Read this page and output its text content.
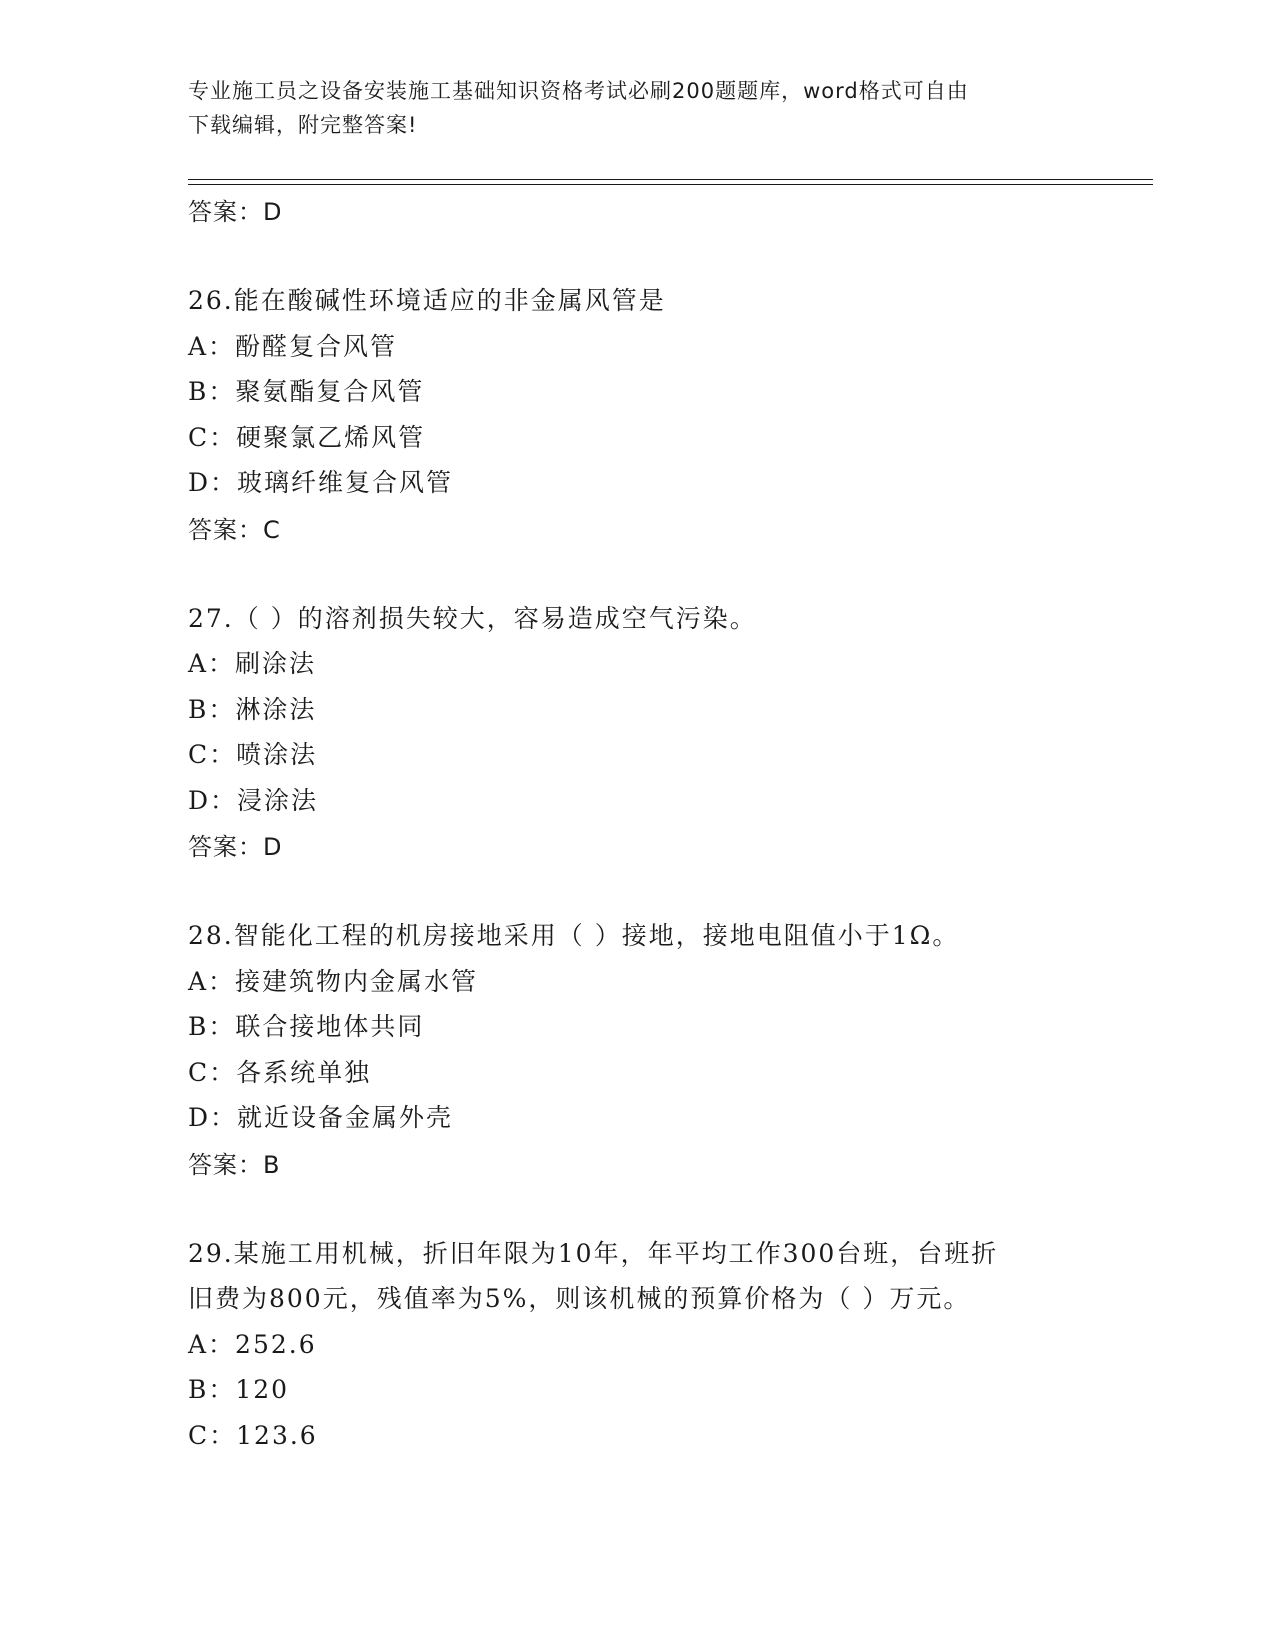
专业施工员之设备安装施工基础知识资格考试必刷200题题库，word格式可自由
下载编辑，附完整答案!
答案：D
26.能在酸碱性环境适应的非金属风管是
A：酚醛复合风管
B：聚氨酯复合风管
C：硬聚氯乙烯风管
D：玻璃纤维复合风管
答案：C
27.（ ）的溶剂损失较大，容易造成空气污染。
A：刷涂法
B：淋涂法
C：喷涂法
D：浸涂法
答案：D
28.智能化工程的机房接地采用（ ）接地，接地电阻值小于1Ω。
A：接建筑物内金属水管
B：联合接地体共同
C：各系统单独
D：就近设备金属外壳
答案：B
29.某施工用机械，折旧年限为10年，年平均工作300台班，台班折
旧费为800元，残值率为5%，则该机械的预算价格为（ ）万元。
A：252.6
B：120
C：123.6
